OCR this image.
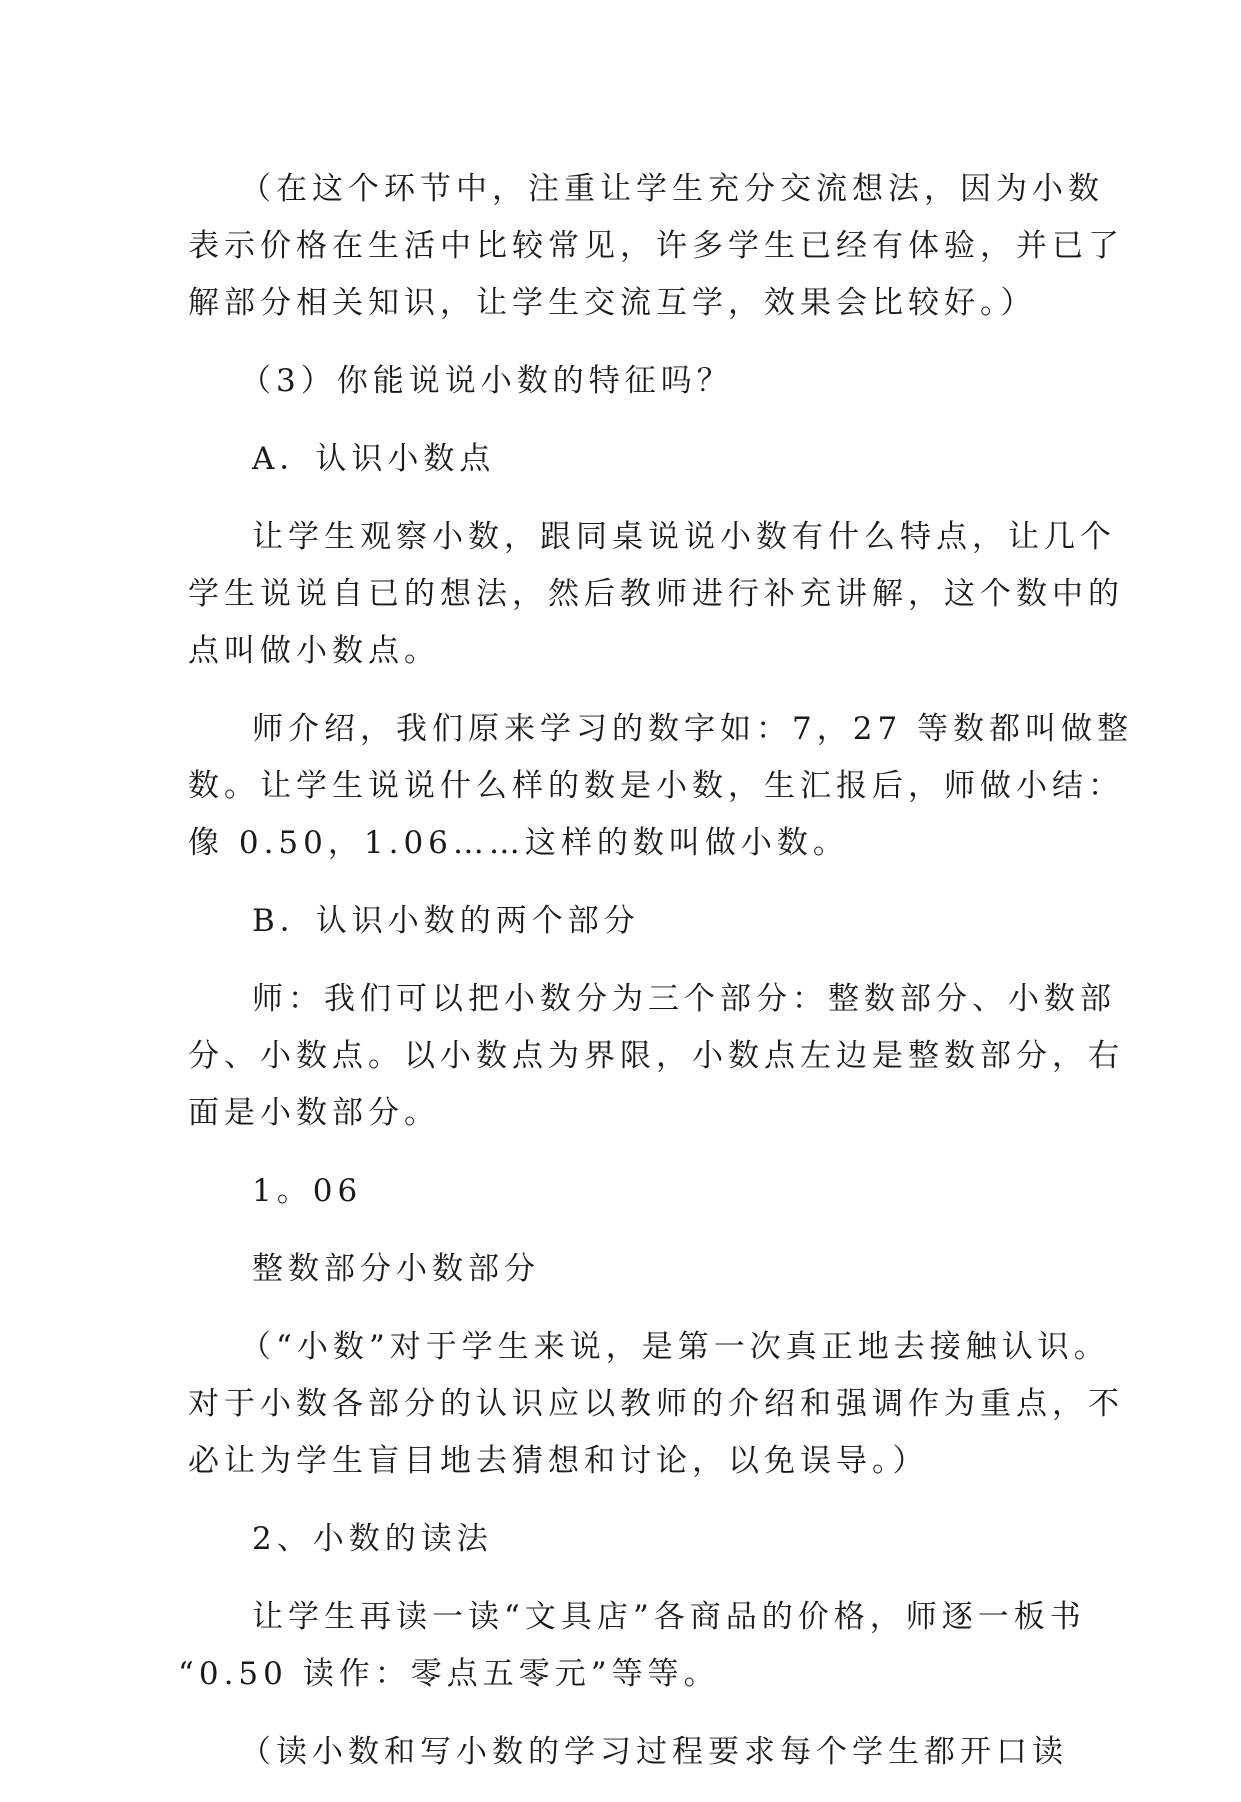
（在这个环节中，注重让学生充分交流想法，因为小数
表示价格在生活中比较常见，许多学生已经有体验，并已了
解部分相关知识，让学生交流互学，效果会比较好。）

（3）你能说说小数的特征吗？

A．认识小数点

让学生观察小数，跟同桌说说小数有什么特点，让几个
学生说说自已的想法，然后教师进行补充讲解，这个数中的
点叫做小数点。

师介绍，我们原来学习的数字如：7，27 等数都叫做整
数。让学生说说什么样的数是小数，生汇报后，师做小结：
像 0.50，1.06……这样的数叫做小数。

B．认识小数的两个部分

师：我们可以把小数分为三个部分：整数部分、小数部
分、小数点。以小数点为界限，小数点左边是整数部分，右
面是小数部分。

1。06

整数部分小数部分

（“小数”对于学生来说，是第一次真正地去接触认识。
对于小数各部分的认识应以教师的介绍和强调作为重点，不
必让为学生盲目地去猜想和讨论，以免误导。）

2、小数的读法

让学生再读一读“文具店”各商品的价格，师逐一板书
“0.50 读作：零点五零元”等等。

（读小数和写小数的学习过程要求每个学生都开口读
